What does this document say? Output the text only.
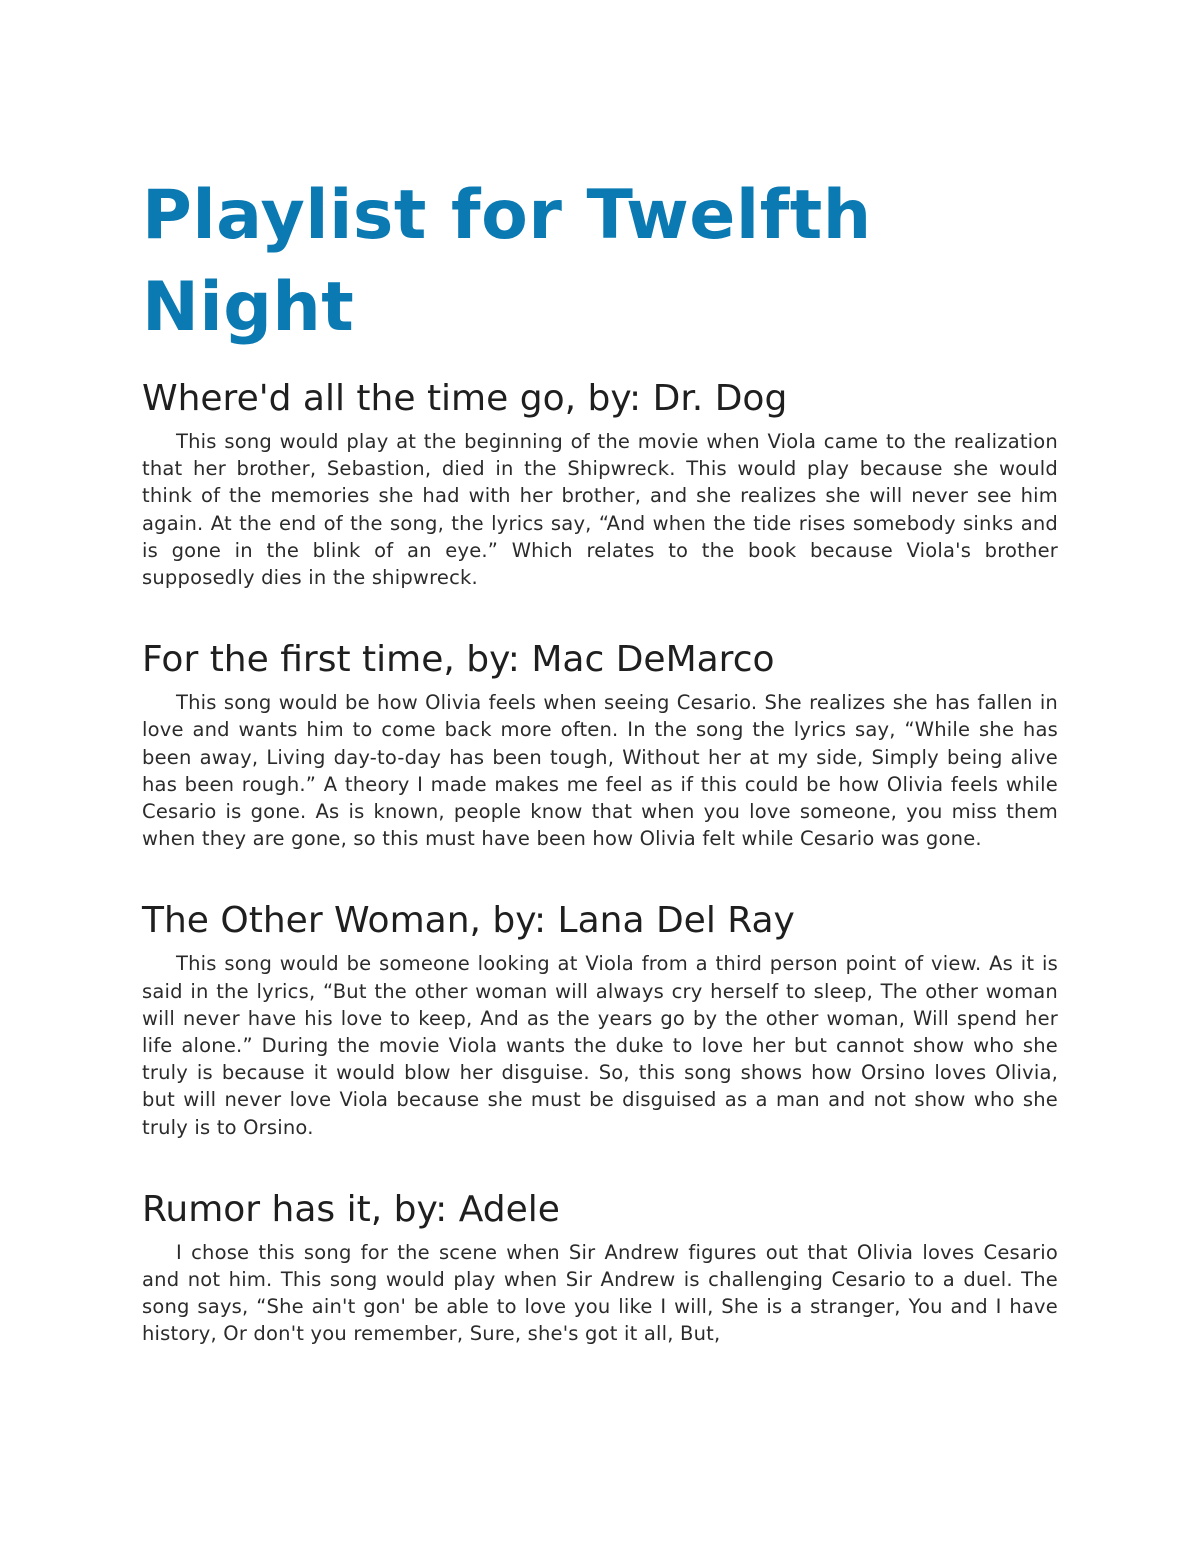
Playlist for Twelfth Night
Where'd all the time go, by: Dr. Dog

This song would play at the beginning of the movie when Viola came to the realization that her brother, Sebastion, died in the Shipwreck. This would play because she would think of the memories she had with her brother, and she realizes she will never see him again. At the end of the song, the lyrics say, “And when the tide rises somebody sinks and is gone in the blink of an eye.” Which relates to the book because Viola's brother supposedly dies in the shipwreck.

For the first time, by: Mac DeMarco

This song would be how Olivia feels when seeing Cesario. She realizes she has fallen in love and wants him to come back more often. In the song the lyrics say, “While she has been away, Living day-to-day has been tough, Without her at my side, Simply being alive has been rough.” A theory I made makes me feel as if this could be how Olivia feels while Cesario is gone. As is known, people know that when you love someone, you miss them when they are gone, so this must have been how Olivia felt while Cesario was gone.

The Other Woman, by: Lana Del Ray

This song would be someone looking at Viola from a third person point of view. As it is said in the lyrics, “But the other woman will always cry herself to sleep, The other woman will never have his love to keep, And as the years go by the other woman, Will spend her life alone.” During the movie Viola wants the duke to love her but cannot show who she truly is because it would blow her disguise. So, this song shows how Orsino loves Olivia, but will never love Viola because she must be disguised as a man and not show who she truly is to Orsino.

Rumor has it, by: Adele

I chose this song for the scene when Sir Andrew figures out that Olivia loves Cesario and not him. This song would play when Sir Andrew is challenging Cesario to a duel. The song says, “She ain't gon' be able to love you like I will, She is a stranger, You and I have history, Or don't you remember, Sure, she's got it all, But,
